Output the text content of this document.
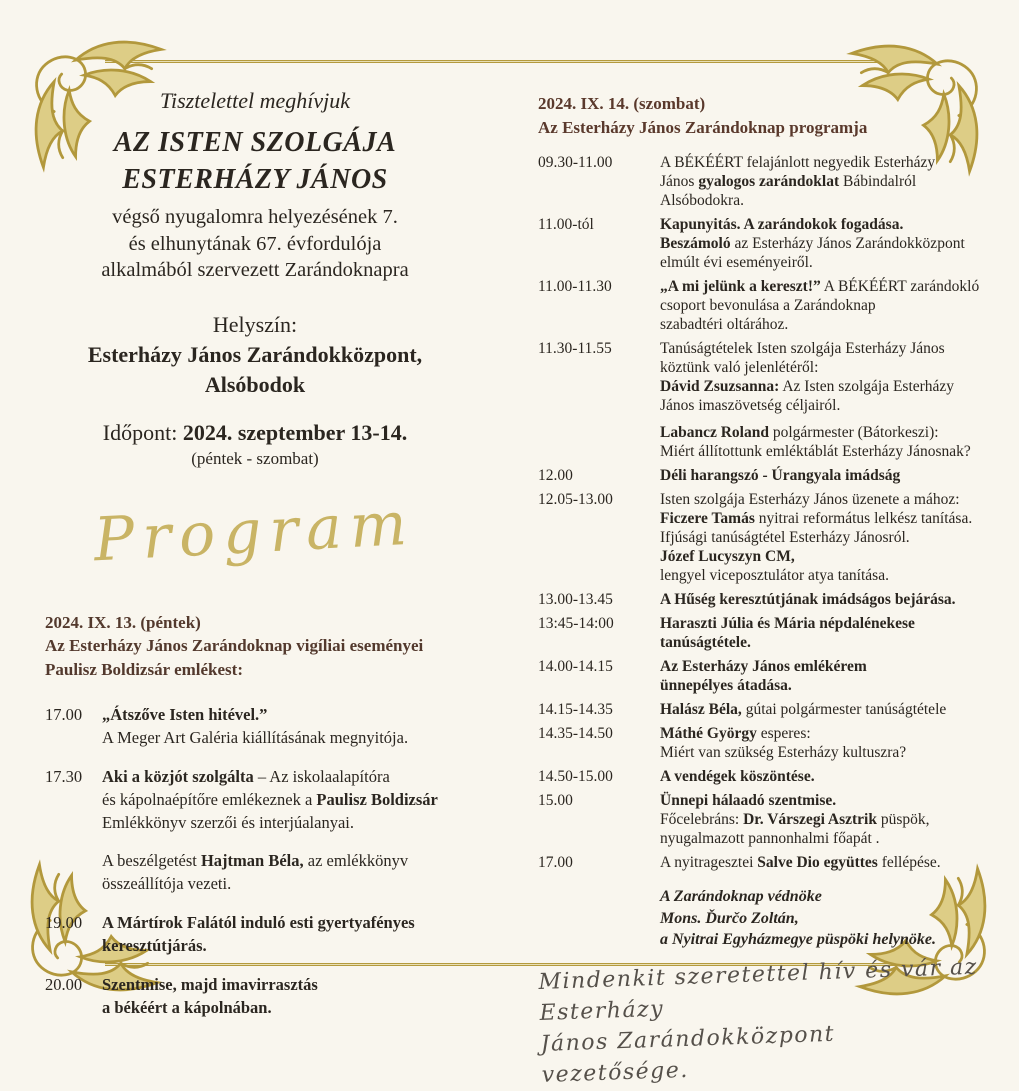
Tisztelettel meghívjuk
AZ ISTEN SZOLGÁJA
ESTERHÁZY JÁNOS
végső nyugalomra helyezésének 7.
és elhunytának 67. évfordulója
alkalmából szervezett Zarándoknapra
Helyszín:
Esterházy János Zarándokközpont,
Alsóbodok
Időpont: 2024. szeptember 13-14.
(péntek - szombat)
Program
2024. IX. 13. (péntek)
Az Esterházy János Zarándoknap vigíliai eseményei
Paulisz Boldizsár emlékest:
17.00	„Átszőve Isten hitével.”
A Meger Art Galéria kiállításának megnyitója.
17.30	Aki a közjót szolgálta – Az iskolaalapítóra
és kápolnaépítőre emlékeznek a Paulisz Boldizsár
Emlékkönyv szerzői és interjúalanyai.
A beszélgetést Hajtman Béla, az emlékkönyv
összeállítója vezeti.
19.00	A Mártírok Falától induló esti gyertyafényes
keresztútjárás.
20.00	Szentmise, majd imavirrasztás
a békéért a kápolnában.
2024. IX. 14. (szombat)
Az Esterházy János Zarándoknap programja
09.30-11.00	A BÉKÉÉRT felajánlott negyedik Esterházy
János gyalogos zarándoklat Bábindalról
Alsóbodokra.
11.00-tól	Kapunyitás. A zarándokok fogadása.
Beszámoló az Esterházy János Zarándokközpont
elmúlt évi eseményeiről.
11.00-11.30	„A mi jelünk a kereszt!” A BÉKÉÉRT zarándokló
csoport bevonulása a Zarándoknap
szabadtéri oltárához.
11.30-11.55	Tanúságtételek Isten szolgája Esterházy János
köztünk való jelenlétéről:
Dávid Zsuzsanna: Az Isten szolgája Esterházy
János imaszövetség céljairól.
Labancz Roland polgármester (Bátorkeszi):
Miért állítottunk emléktáblát Esterházy Jánosnak?
12.00	Déli harangszó - Úrangyala imádság
12.05-13.00	Isten szolgája Esterházy János üzenete a mához:
Ficzere Tamás nyitrai református lelkész tanítása.
Ifjúsági tanúságtétel Esterházy Jánosról.
Józef Lucyszyn CM,
lengyel viceposztulátor atya tanítása.
13.00-13.45	A Hűség keresztútjának imádságos bejárása.
13:45-14:00	Haraszti Júlia és Mária népdalénekese
tanúságtétele.
14.00-14.15	Az Esterházy János emlékérem
ünnepélyes átadása.
14.15-14.35	Halász Béla, gútai polgármester tanúságtétele
14.35-14.50	Máthé György esperes:
Miért van szükség Esterházy kultuszra?
14.50-15.00	A vendégek köszöntése.
15.00	Ünnepi hálaadó szentmise.
Főcelebráns: Dr. Várszegi Asztrik püspök,
nyugalmazott pannonhalmi főapát .
17.00	A nyitragesztei Salve Dio együttes fellépése.
A Zarándoknap védnöke
Mons. Ďurčo Zoltán,
a Nyitrai Egyházmegye püspöki helynöke.
Mindenkit szeretettel hív és vár az Esterházy
János Zarándokközpont vezetősége.
